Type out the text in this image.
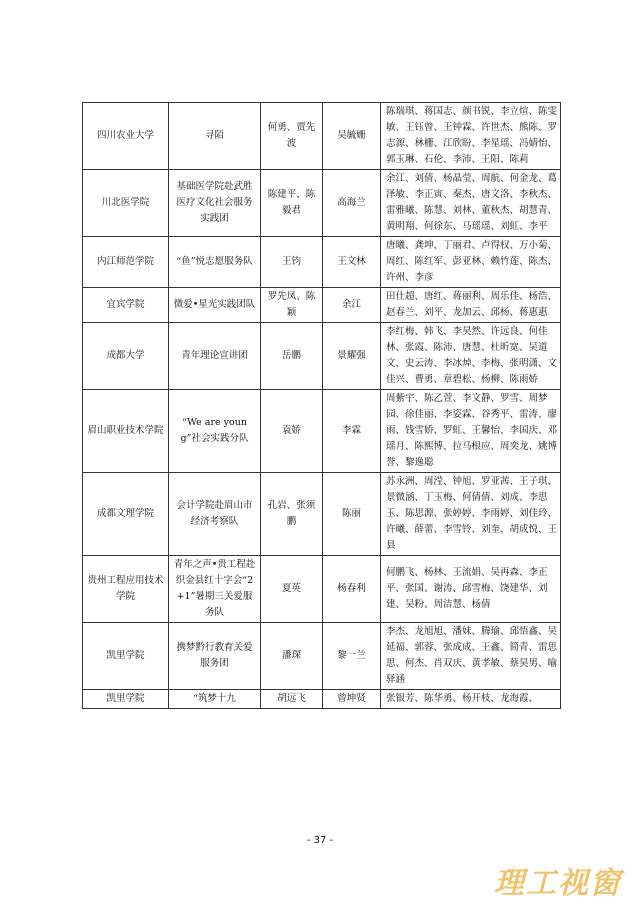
四川农业大学	寻陌	何勇、贾先波	吴毓姗	陈瑞琪、蒋国志、颜书锐、李立煊、陈雯敏、王钰曾、王钟霖、许世杰、熊陈、罗志源、林栅、江欣盼、李星瑶、冯婧怡、郭玉琳、石伦、李沛、王阳、陈莉
川北医学院	基础医学院赴武胜医疗文化社会服务实践团	陈建平、陈毅君	高海兰	余江、刘倩、杨晶莹、周航、何金龙、葛泽敏、李正寅、秦杰、唐文洛、李秋杰、雷雅曦、陈慧、刘林、董秋杰、胡慧青、黄明翔、何徐东、马瑶瑶、刘虹、李平
内江师范学院	“鱼”悦志愿服务队	王钧	王文林	唐曦、龚坤、丁丽君、卢得权、万小菊、周红、陈红军、彭亚林、赖竹莲、陈杰、许州、李彦
宜宾学院	微爱•星光实践团队	罗先凤、陈颖	余江	田仕超、唐红、蒋丽利、周乐佳、杨浩、赵春兰、刘平、龙加云、邱杨、蒋惠惠
成都大学	青年理论宣讲团	岳鹏	景耀强	李红梅、韩飞、李昊然、许远良、何佳林、张霞、陈沛、唐慧、杜昕宽、吴道文、史云涛、李冰焯、李梅、张明潇、文佳兴、曹勇、章碧松、杨柳、陈雨娇
眉山职业技术学院	“We are young”社会实践分队	袁娇	李霖	周紫宇、陈乙萱、李文静、罗雪、周梦园、徐佳丽、李姿霖、谷秀平、雷涛、廖雨、钱雪娇、罗虹、王馨怡、李国庆、邓瑶月、陈熙博、拉马根应、周奕龙、姚博誉、黎逸聪
成都文理学院	会计学院赴眉山市经济考察队	孔岩、张须鹏	陈丽	苏永洲、周滢、钟旭、罗亚茜、王子琪、景微涵、丁玉梅、何倩倩、刘成、李思玉、陈思源、张婷婷、李雨婷、刘佳玲、许曦、薛蕾、李雪铃、刘奎、胡成悦、王县
贵州工程应用技术学院	青年之声•贵工程赴织金县红十字会“2+1”暑期三关爱服务队	夏英	杨春利	何鹏飞、杨林、王流娟、吴再森、李正平、张国、谢涛、邱雪梅、饶建华、刘建、吴粉、周洁慧、杨倩
凯里学院	携梦黔行教育关爱服务团	潘琛	黎一兰	李杰、龙旭旭、潘妹、腾瑜、邱悟鑫、吴延福、郭蓉、张成成、王鑫、简青、雷思思、何杰、肖双庆、黄孝敏、蔡昊男、喻驿涵
凯里学院	“筑梦十九	胡远飞	曾坤贤	张银芳、陈华勇、杨开枝、龙海霞、
- 37 -
理工视窗
